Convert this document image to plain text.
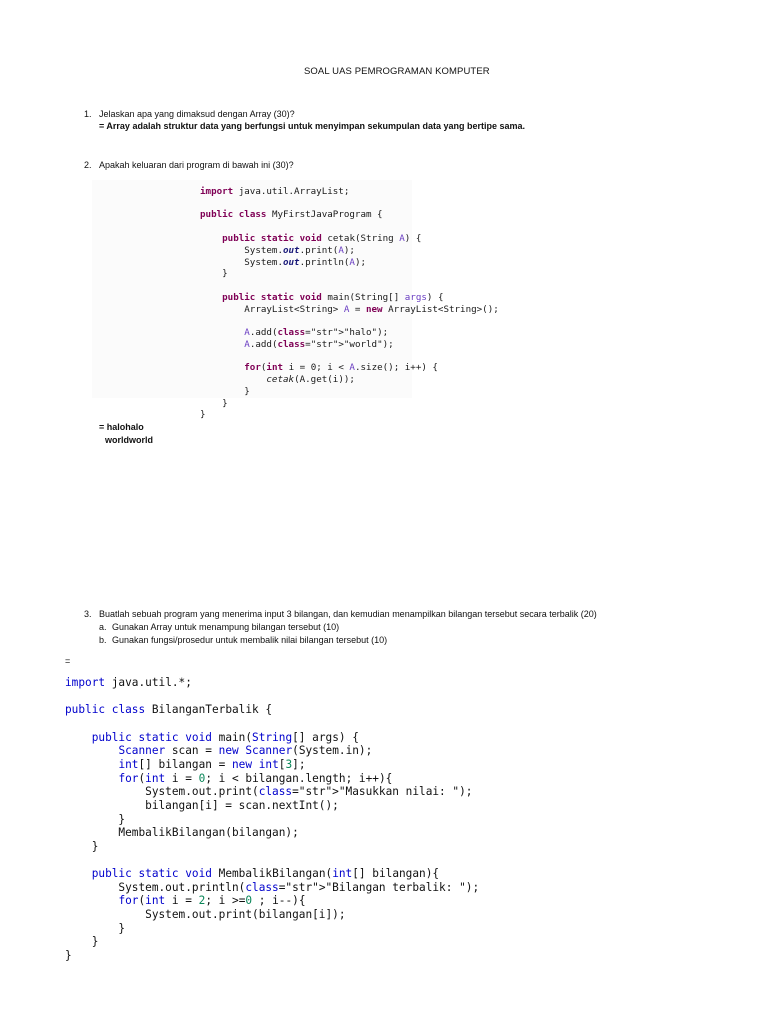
SOAL UAS PEMROGRAMAN KOMPUTER
1. Jelaskan apa yang dimaksud dengan Array (30)?
= Array adalah struktur data yang berfungsi untuk menyimpan sekumpulan data yang bertipe sama.
2. Apakah keluaran dari program di bawah ini (30)?
import java.util.ArrayList;
public class MyFirstJavaProgram {
public static void cetak(String A) {
System.out.print(A);
System.out.println(A);
}
public static void main(String[] args) {
ArrayList<String> A = new ArrayList<String>();
A.add(class="str">"halo");
A.add(class="str">"world");
for(int i = 0; i < A.size(); i++) {
cetak(A.get(i));
}
}
}
= halohalo
worldworld
3. Buatlah sebuah program yang menerima input 3 bilangan, dan kemudian menampilkan bilangan tersebut secara terbalik (20)
a. Gunakan Array untuk menampung bilangan tersebut (10)
b. Gunakan fungsi/prosedur untuk membalik nilai bilangan tersebut (10)
=
import java.util.*;
public class BilanganTerbalik {
public static void main(String[] args) {
Scanner scan = new Scanner(System.in);
int[] bilangan = new int[3];
for(int i = 0; i < bilangan.length; i++){
System.out.print(class="str">"Masukkan nilai: ");
bilangan[i] = scan.nextInt();
}
MembalikBilangan(bilangan);
}
public static void MembalikBilangan(int[] bilangan){
System.out.println(class="str">"Bilangan terbalik: ");
for(int i = 2; i >=0 ; i--){
System.out.print(bilangan[i]);
}
}
}
